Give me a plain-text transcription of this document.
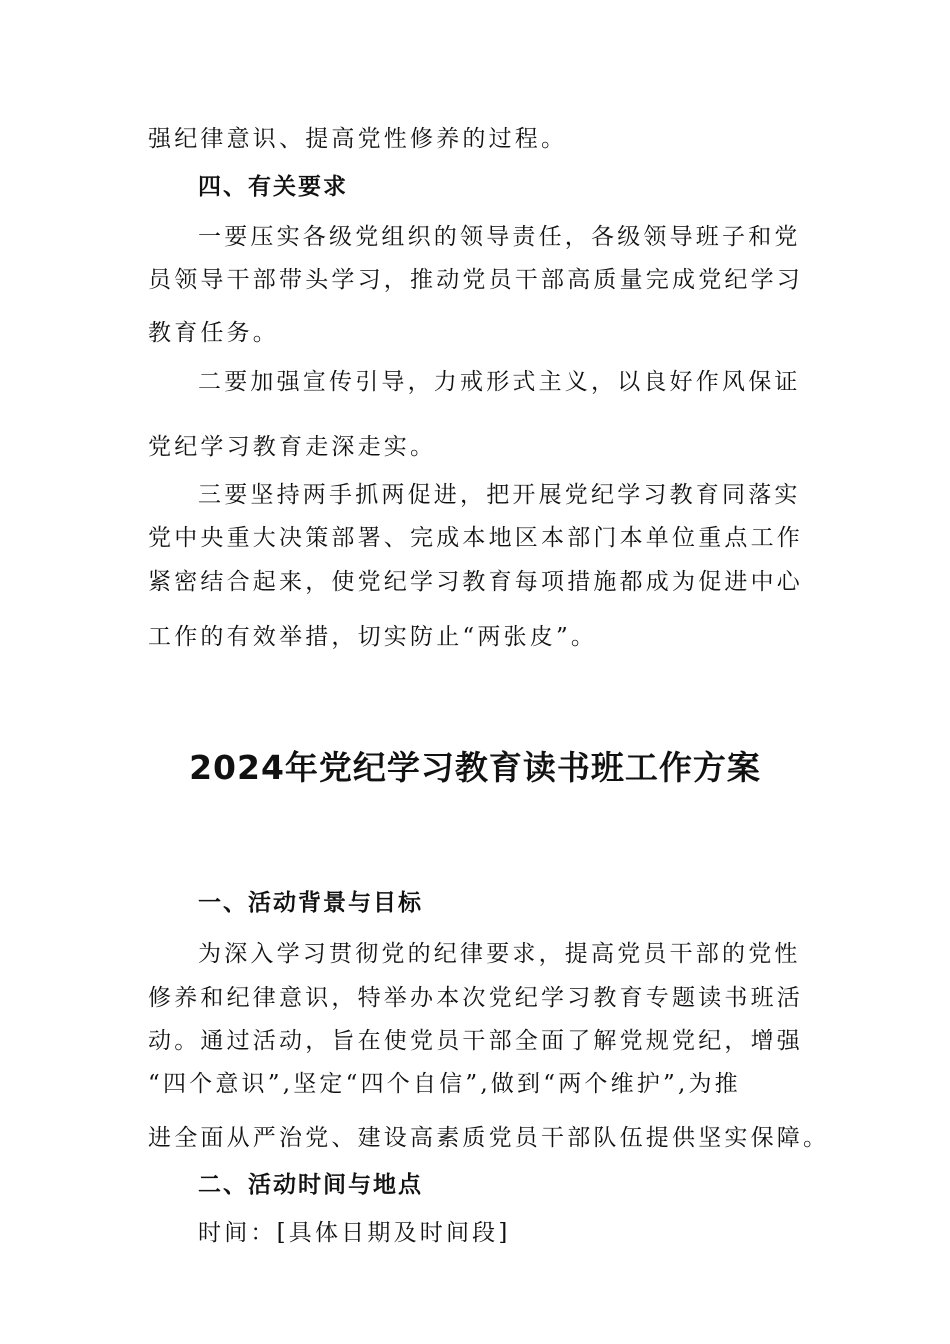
强纪律意识、提高党性修养的过程。
四、有关要求
一要压实各级党组织的领导责任，各级领导班子和党
员领导干部带头学习，推动党员干部高质量完成党纪学习
教育任务。
二要加强宣传引导，力戒形式主义，以良好作风保证
党纪学习教育走深走实。
三要坚持两手抓两促进，把开展党纪学习教育同落实
党中央重大决策部署、完成本地区本部门本单位重点工作
紧密结合起来，使党纪学习教育每项措施都成为促进中心
工作的有效举措，切实防止“两张皮”。
2024年党纪学习教育读书班工作方案
一、活动背景与目标
为深入学习贯彻党的纪律要求，提高党员干部的党性
修养和纪律意识，特举办本次党纪学习教育专题读书班活
动。通过活动，旨在使党员干部全面了解党规党纪，增强
“四个意识”,坚定“四个自信”,做到“两个维护”,为推
进全面从严治党、建设高素质党员干部队伍提供坚实保障。
二、活动时间与地点
时间：[具体日期及时间段]
